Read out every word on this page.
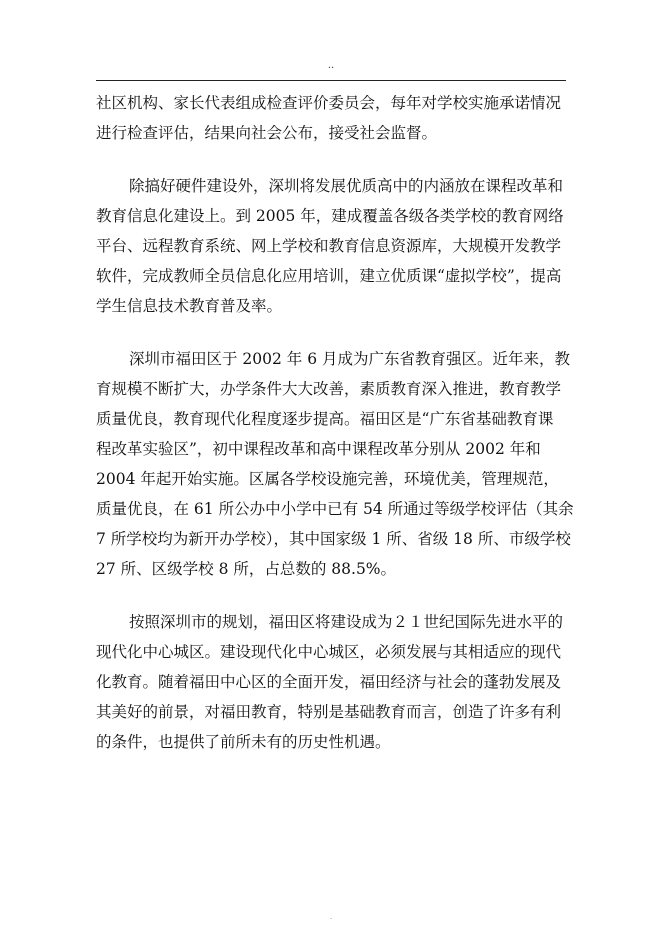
..

社区机构、家长代表组成检查评价委员会，每年对学校实施承诺情况
进行检查评估，结果向社会公布，接受社会监督。

除搞好硬件建设外，深圳将发展优质高中的内涵放在课程改革和
教育信息化建设上。到 2005 年，建成覆盖各级各类学校的教育网络
平台、远程教育系统、网上学校和教育信息资源库，大规模开发教学
软件，完成教师全员信息化应用培训，建立优质课“虚拟学校”，提高
学生信息技术教育普及率。

深圳市福田区于 2002 年 6 月成为广东省教育强区。近年来，教
育规模不断扩大，办学条件大大改善，素质教育深入推进，教育教学
质量优良，教育现代化程度逐步提高。福田区是“广东省基础教育课
程改革实验区”，初中课程改革和高中课程改革分别从 2002 年和
2004 年起开始实施。区属各学校设施完善，环境优美，管理规范，
质量优良，在 61 所公办中小学中已有 54 所通过等级学校评估（其余
7 所学校均为新开办学校），其中国家级 1 所、省级 18 所、市级学校
27 所、区级学校 8 所，占总数的 88.5%。

按照深圳市的规划，福田区将建设成为２１世纪国际先进水平的
现代化中心城区。建设现代化中心城区，必须发展与其相适应的现代
化教育。随着福田中心区的全面开发，福田经济与社会的蓬勃发展及
其美好的前景，对福田教育，特别是基础教育而言，创造了许多有利
的条件，也提供了前所未有的历史性机遇。

.
